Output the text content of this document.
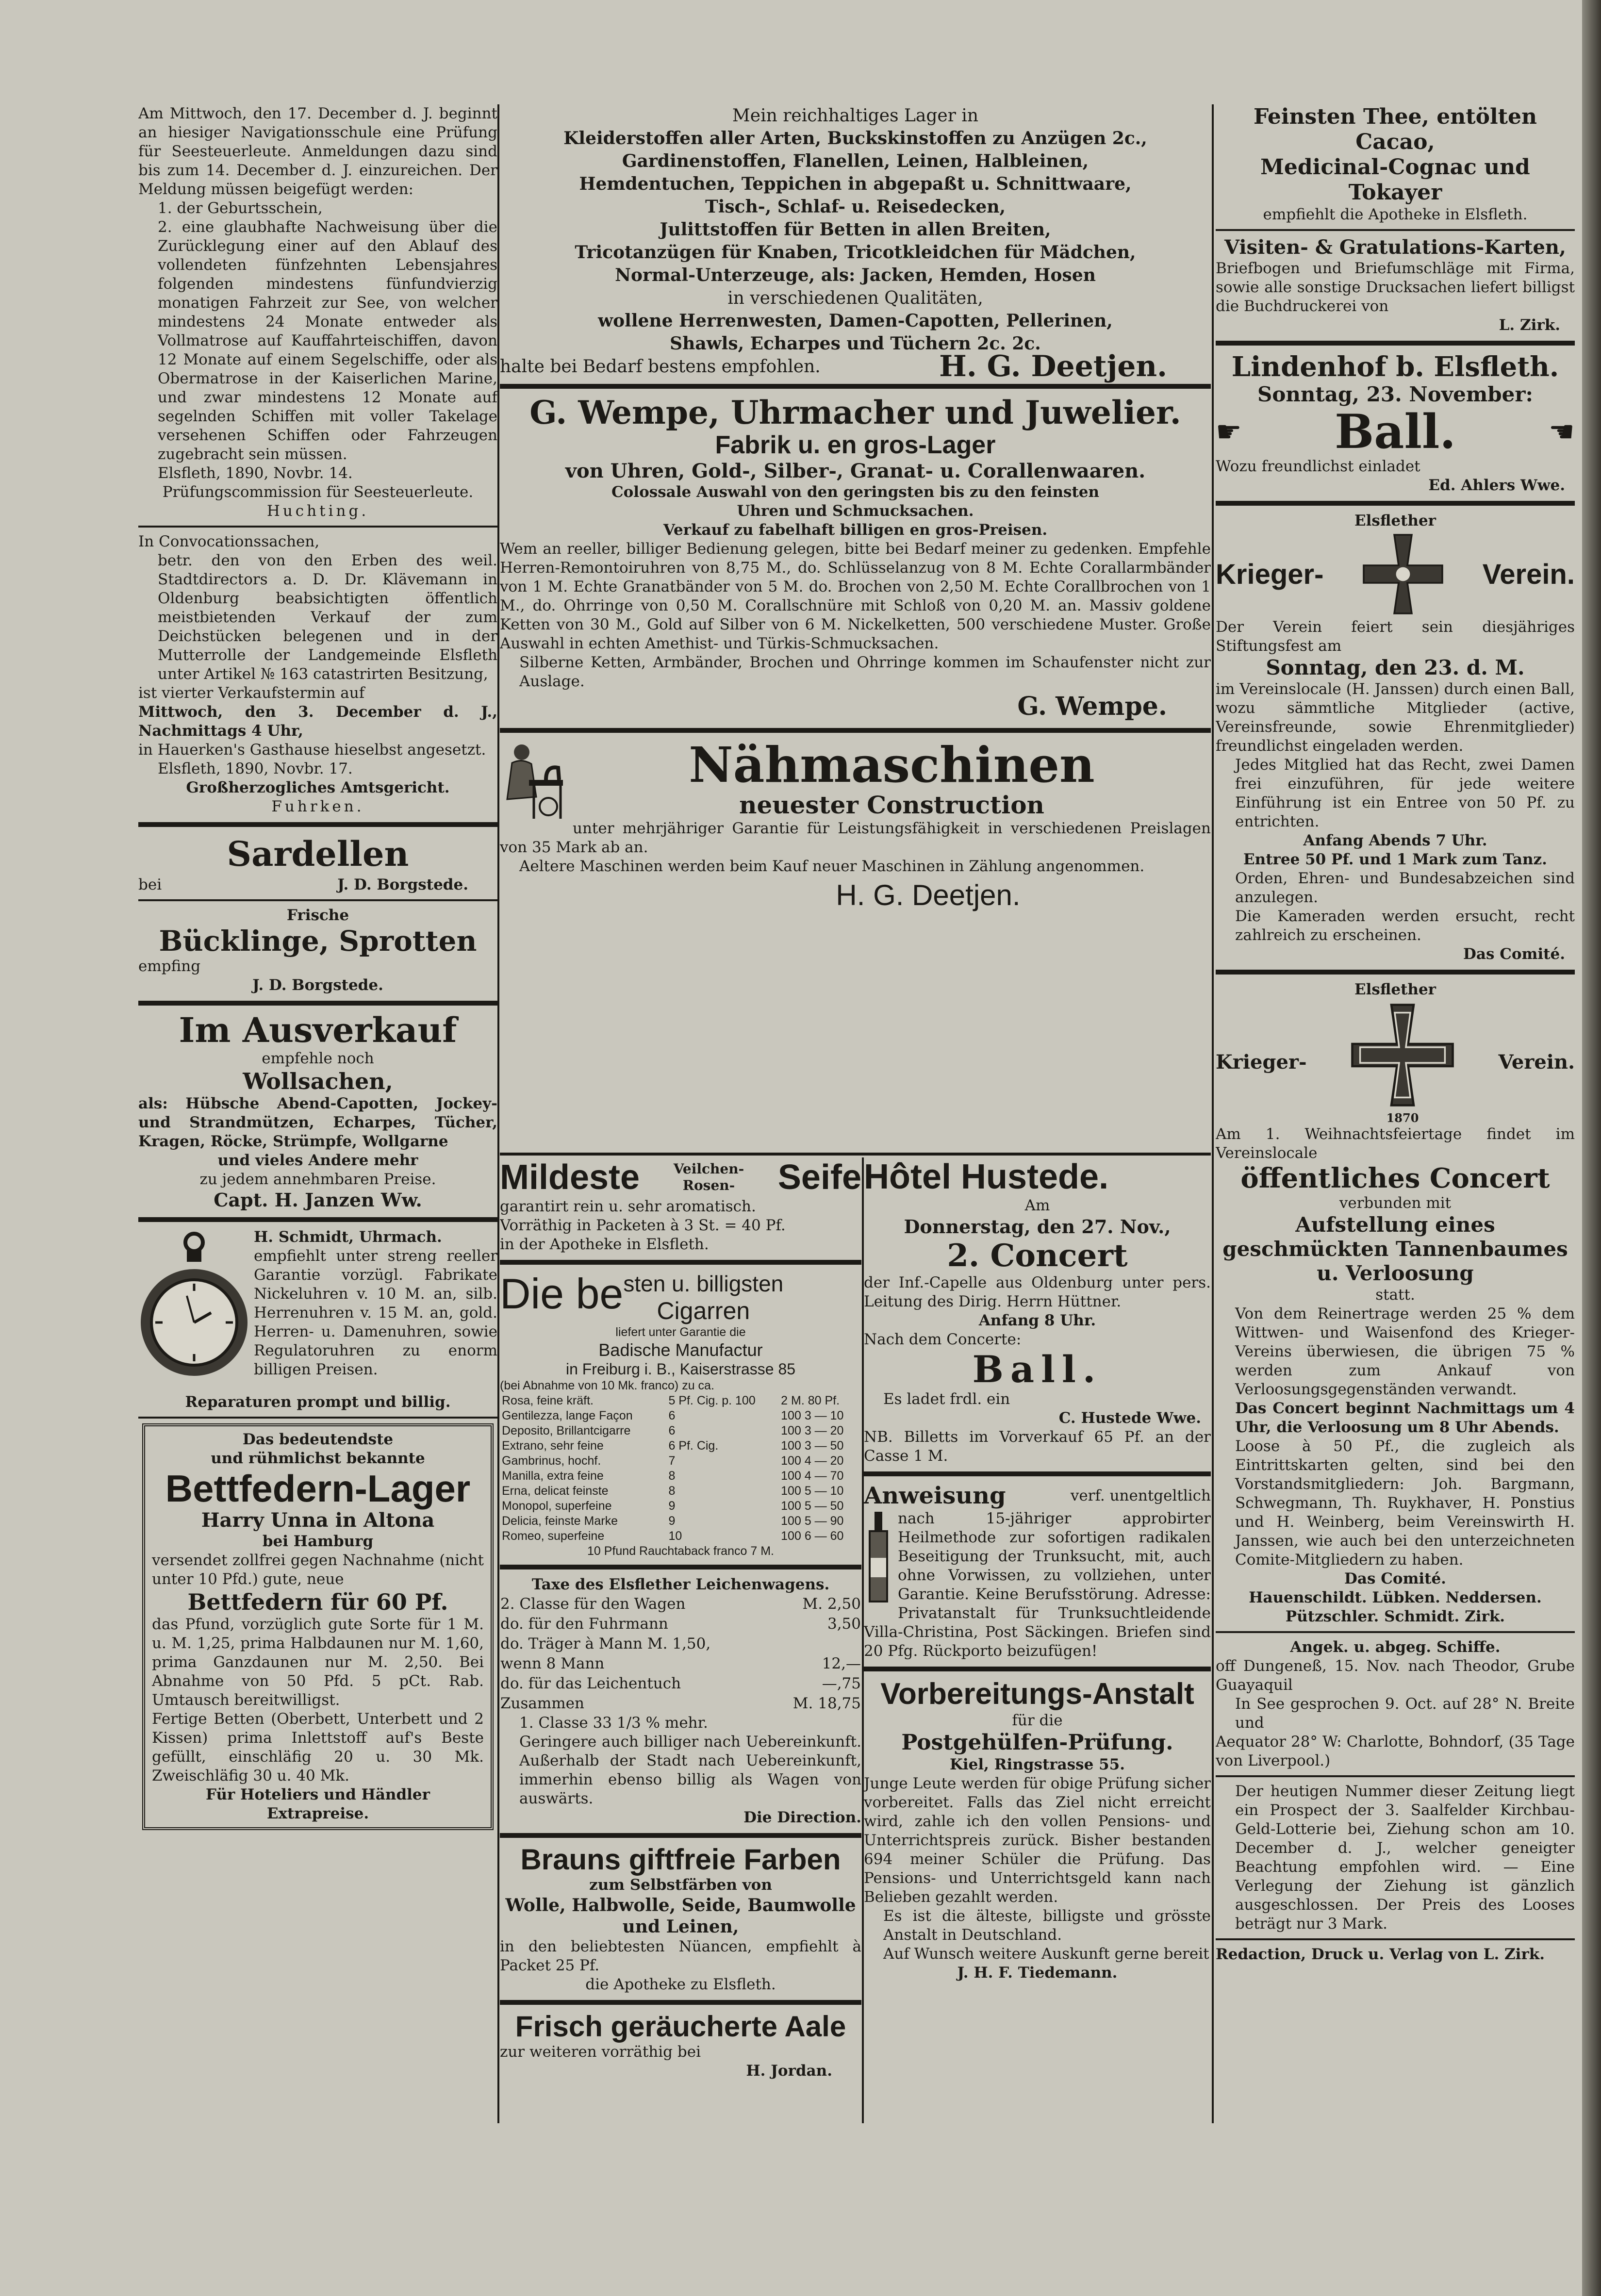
Am Mittwoch, den 17. December d. J. beginnt an hiesiger Navigationsschule eine Prüfung für Seesteuerleute. Anmeldungen dazu sind bis zum 14. December d. J. einzureichen. Der Meldung müssen beigefügt werden:
1. der Geburtsschein,
2. eine glaubhafte Nachweisung über die Zurücklegung einer auf den Ablauf des vollendeten fünfzehnten Lebensjahres folgenden mindestens fünfundvierzig monatigen Fahrzeit zur See, von welcher mindestens 24 Monate entweder als Vollmatrose auf Kauffahrteischiffen, davon 12 Monate auf einem Segelschiffe, oder als Obermatrose in der Kaiserlichen Marine, und zwar mindestens 12 Monate auf segelnden Schiffen mit voller Takelage versehenen Schiffen oder Fahrzeugen zugebracht sein müssen.
Elsfleth, 1890, Novbr. 14.
Prüfungscommission für Seesteuerleute.
Huchting.
In Convocationssachen,
betr. den von den Erben des weil. Stadtdirectors a. D. Dr. Klävemann in Oldenburg beabsichtigten öffentlich meistbietenden Verkauf der zum Deichstücken belegenen und in der Mutterrolle der Landgemeinde Elsfleth unter Artikel № 163 catastrirten Besitzung,
ist vierter Verkaufstermin auf
Mittwoch, den 3. December d. J., Nachmittags 4 Uhr,
in Hauerken's Gasthause hieselbst angesetzt.
Elsfleth, 1890, Novbr. 17.
Großherzogliches Amtsgericht.
Fuhrken.
Sardellen
bei	J. D. Borgstede.
Frische
Bücklinge, Sprotten
empfing
J. D. Borgstede.
Im Ausverkauf
empfehle noch
Wollsachen,
als: Hübsche Abend-Capotten, Jockey- und Strandmützen, Echarpes, Tücher, Kragen, Röcke, Strümpfe, Wollgarne
und vieles Andere mehr
zu jedem annehmbaren Preise.
Capt. H. Janzen Ww.
H. Schmidt, Uhrmach.
empfiehlt unter streng reeller Garantie vorzügl. Fabrikate Nickeluhren v. 10 M. an, silb. Herrenuhren v. 15 M. an, gold. Herren- u. Damenuhren, sowie Regulatoruhren zu enorm billigen Preisen.
Reparaturen prompt und billig.
Das bedeutendste
und rühmlichst bekannte
Bettfedern-Lager
Harry Unna in Altona
bei Hamburg
versendet zollfrei gegen Nachnahme (nicht unter 10 Pfd.) gute, neue
Bettfedern für 60 Pf.
das Pfund, vorzüglich gute Sorte für 1 M. u. M. 1,25, prima Halbdaunen nur M. 1,60, prima Ganzdaunen nur M. 2,50. Bei Abnahme von 50 Pfd. 5 pCt. Rab. Umtausch bereitwilligst.
Fertige Betten (Oberbett, Unterbett und 2 Kissen) prima Inlettstoff auf's Beste gefüllt, einschläfig 20 u. 30 Mk. Zweischläfig 30 u. 40 Mk.
Für Hoteliers und Händler
Extrapreise.
Mein reichhaltiges Lager in
Kleiderstoffen aller Arten, Buckskinstoffen zu Anzügen 2c.,
Gardinenstoffen, Flanellen, Leinen, Halbleinen,
Hemdentuchen, Teppichen in abgepaßt u. Schnittwaare,
Tisch-, Schlaf- u. Reisedecken,
Julittstoffen für Betten in allen Breiten,
Tricotanzügen für Knaben, Tricotkleidchen für Mädchen,
Normal-Unterzeuge, als: Jacken, Hemden, Hosen
in verschiedenen Qualitäten,
wollene Herrenwesten, Damen-Capotten, Pellerinen,
Shawls, Echarpes und Tüchern 2c. 2c.
halte bei Bedarf bestens empfohlen.	H. G. Deetjen.
G. Wempe, Uhrmacher und Juwelier.
Fabrik u. en gros-Lager
von Uhren, Gold-, Silber-, Granat- u. Corallenwaaren.
Colossale Auswahl von den geringsten bis zu den feinsten
Uhren und Schmucksachen.
Verkauf zu fabelhaft billigen en gros-Preisen.
Wem an reeller, billiger Bedienung gelegen, bitte bei Bedarf meiner zu gedenken. Empfehle Herren-Remontoiruhren von 8,75 M., do. Schlüsselanzug von 8 M. Echte Corallarmbänder von 1 M. Echte Granatbänder von 5 M. do. Brochen von 2,50 M. Echte Corallbrochen von 1 M., do. Ohrringe von 0,50 M. Corallschnüre mit Schloß von 0,20 M. an. Massiv goldene Ketten von 30 M., Gold auf Silber von 6 M. Nickelketten, 500 verschiedene Muster. Große Auswahl in echten Amethist- und Türkis-Schmucksachen.
Silberne Ketten, Armbänder, Brochen und Ohrringe kommen im Schaufenster nicht zur Auslage.
G. Wempe.
Nähmaschinen
neuester Construction
unter mehrjähriger Garantie für Leistungsfähigkeit in verschiedenen Preislagen von 35 Mark ab an.
Aeltere Maschinen werden beim Kauf neuer Maschinen in Zählung angenommen.
H. G. Deetjen.
Mildeste Veilchen-
Rosen- Seife
garantirt rein u. sehr aromatisch.
Vorräthig in Packeten à 3 St. = 40 Pf.
in der Apotheke in Elsfleth.
Die be sten u. billigsten
Cigarren
liefert unter Garantie die
Badische Manufactur
in Freiburg i. B., Kaiserstrasse 85
(bei Abnahme von 10 Mk. franco) zu ca.
Rosa, feine kräft.	5 Pf. Cig. p. 100	2 M. 80 Pf.
Gentilezza, lange Façon	6	100 3 — 10
Deposito, Brillantcigarre	6	100 3 — 20
Extrano, sehr feine	6 Pf. Cig.	100 3 — 50
Gambrinus, hochf.	7	100 4 — 20
Manilla, extra feine	8	100 4 — 70
Erna, delicat feinste	8	100 5 — 10
Monopol, superfeine	9	100 5 — 50
Delicia, feinste Marke	9	100 5 — 90
Romeo, superfeine	10	100 6 — 60
10 Pfund Rauchtaback franco 7 M.
Taxe des Elsflether Leichenwagens.
2. Classe für den Wagen	M. 2,50
do. für den Fuhrmann	3,50
do. Träger à Mann M. 1,50,	
wenn 8 Mann	12,—
do. für das Leichentuch	—,75
Zusammen	M. 18,75
1. Classe 33 1/3 % mehr.
Geringere auch billiger nach Uebereinkunft. Außerhalb der Stadt nach Uebereinkunft, immerhin ebenso billig als Wagen von auswärts.
Die Direction.
Brauns giftfreie Farben
zum Selbstfärben von
Wolle, Halbwolle, Seide, Baumwolle und Leinen,
in den beliebtesten Nüancen, empfiehlt à Packet 25 Pf.
die Apotheke zu Elsfleth.
Frisch geräucherte Aale
zur weiteren vorräthig bei
H. Jordan.
Hôtel Hustede.
Am
Donnerstag, den 27. Nov.,
2. Concert
der Inf.-Capelle aus Oldenburg unter pers. Leitung des Dirig. Herrn Hüttner.
Anfang 8 Uhr.
Nach dem Concerte:
Ball.
Es ladet frdl. ein
C. Hustede Wwe.
NB. Billetts im Vorverkauf 65 Pf. an der Casse 1 M.
Anweisung	verf. unentgeltlich
nach 15-jähriger approbirter Heilmethode zur sofortigen radikalen Beseitigung der Trunksucht, mit, auch ohne Vorwissen, zu vollziehen, unter Garantie. Keine Berufsstörung. Adresse: Privatanstalt für Trunksuchtleidende Villa-Christina, Post Säckingen. Briefen sind 20 Pfg. Rückporto beizufügen!
Vorbereitungs-Anstalt
für die
Postgehülfen-Prüfung.
Kiel, Ringstrasse 55.
Junge Leute werden für obige Prüfung sicher vorbereitet. Falls das Ziel nicht erreicht wird, zahle ich den vollen Pensions- und Unterrichtspreis zurück. Bisher bestanden 694 meiner Schüler die Prüfung. Das Pensions- und Unterrichtsgeld kann nach Belieben gezahlt werden.
Es ist die älteste, billigste und grösste Anstalt in Deutschland.
Auf Wunsch weitere Auskunft gerne bereit
J. H. F. Tiedemann.
Feinsten Thee, entölten Cacao,
Medicinal-Cognac und Tokayer
empfiehlt die Apotheke in Elsfleth.
Visiten- & Gratulations-Karten,
Briefbogen und Briefumschläge mit Firma, sowie alle sonstige Drucksachen liefert billigst die Buchdruckerei von
L. Zirk.
Lindenhof b. Elsfleth.
Sonntag, 23. November:
☛ Ball.	☛
Wozu freundlichst einladet
Ed. Ahlers Wwe.
Elsflether
Krieger-	Verein.
Der Verein feiert sein diesjähriges Stiftungsfest am
Sonntag, den 23. d. M.
im Vereinslocale (H. Janssen) durch einen Ball, wozu sämmtliche Mitglieder (active, Vereinsfreunde, sowie Ehrenmitglieder) freundlichst eingeladen werden.
Jedes Mitglied hat das Recht, zwei Damen frei einzuführen, für jede weitere Einführung ist ein Entree von 50 Pf. zu entrichten.
Anfang Abends 7 Uhr.
Entree 50 Pf. und 1 Mark zum Tanz.
Orden, Ehren- und Bundesabzeichen sind anzulegen.
Die Kameraden werden ersucht, recht zahlreich zu erscheinen.
Das Comité.
Elsflether
Krieger-
1870
Verein.
Am 1. Weihnachtsfeiertage findet im Vereinslocale
öffentliches Concert
verbunden mit
Aufstellung eines geschmückten Tannenbaumes u. Verloosung
statt.
Von dem Reinertrage werden 25 % dem Wittwen- und Waisenfond des Krieger-Vereins überwiesen, die übrigen 75 % werden zum Ankauf von Verloosungsgegenständen verwandt.
Das Concert beginnt Nachmittags um 4 Uhr, die Verloosung um 8 Uhr Abends.
Loose à 50 Pf., die zugleich als Eintrittskarten gelten, sind bei den Vorstandsmitgliedern: Joh. Bargmann, Schwegmann, Th. Ruykhaver, H. Ponstius und H. Weinberg, beim Vereinswirth H. Janssen, wie auch bei den unterzeichneten Comite-Mitgliedern zu haben.
Das Comité.
Hauenschildt. Lübken. Neddersen. Pützschler. Schmidt. Zirk.
Angek. u. abgeg. Schiffe.
off Dungeneß, 15. Nov. nach Theodor, Grube Guayaquil
In See gesprochen 9. Oct. auf 28° N. Breite und
Aequator 28° W: Charlotte, Bohndorf, (35 Tage von Liverpool.)
Der heutigen Nummer dieser Zeitung liegt ein Prospect der 3. Saalfelder Kirchbau-Geld-Lotterie bei, Ziehung schon am 10. December d. J., welcher geneigter Beachtung empfohlen wird. — Eine Verlegung der Ziehung ist gänzlich ausgeschlossen. Der Preis des Looses beträgt nur 3 Mark.
Redaction, Druck u. Verlag von L. Zirk.
